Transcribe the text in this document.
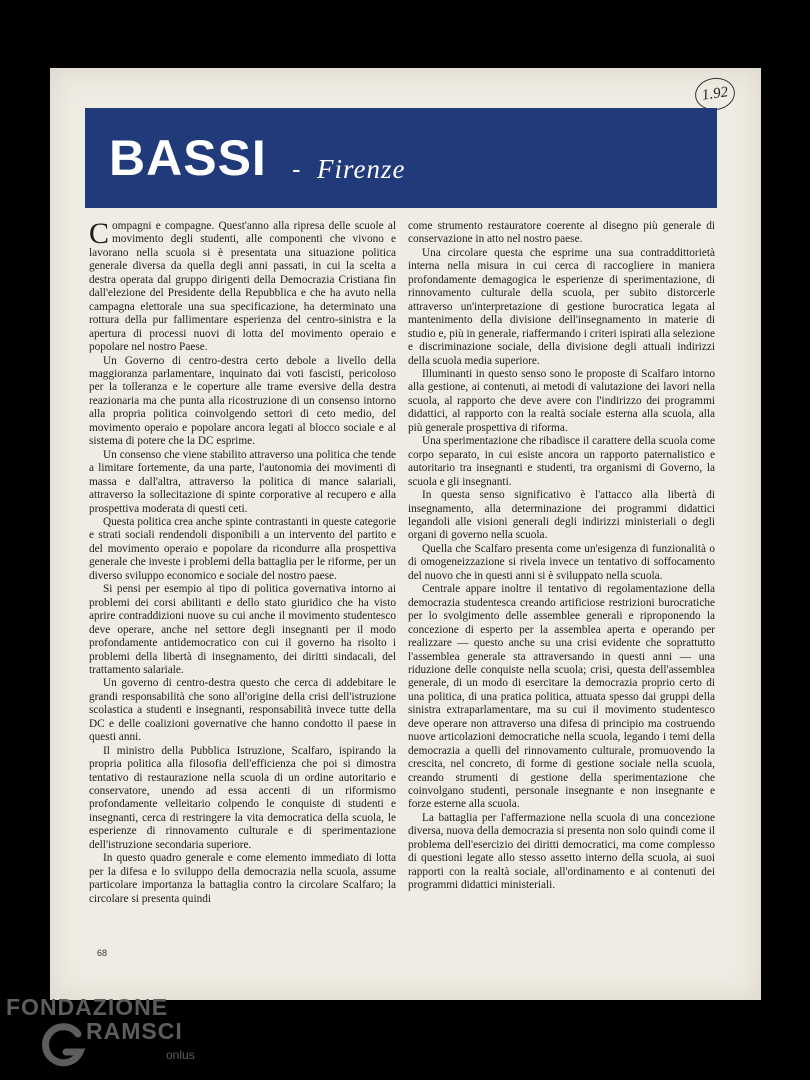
1.92
BASSI - Firenze

Compagni e compagne. Quest'anno alla ripresa delle scuole al movimento degli studenti, alle componenti che vivono e lavorano nella scuola si è presentata una situazione politica generale diversa da quella degli anni passati, in cui la scelta a destra operata dal gruppo dirigenti della Democrazia Cristiana fin dall'elezione del Presidente della Repubblica e che ha avuto nella campagna elettorale una sua specificazione, ha determinato una rottura della pur fallimentare esperienza del centro-sinistra e la apertura di processi nuovi di lotta del movimento operaio e popolare nel nostro Paese.

Un Governo di centro-destra certo debole a livello della maggioranza parlamentare, inquinato dai voti fascisti, pericoloso per la tolleranza e le coperture alle trame eversive della destra reazionaria ma che punta alla ricostruzione di un consenso intorno alla propria politica coinvolgendo settori di ceto medio, del movimento operaio e popolare ancora legati al blocco sociale e al sistema di potere che la DC esprime.

Un consenso che viene stabilito attraverso una politica che tende a limitare fortemente, da una parte, l'autonomia dei movimenti di massa e dall'altra, attraverso la politica di mance salariali, attraverso la sollecitazione di spinte corporative al recupero e alla prospettiva moderata di questi ceti.

Questa politica crea anche spinte contrastanti in queste categorie e strati sociali rendendoli disponibili a un intervento del partito e del movimento operaio e popolare da ricondurre alla prospettiva generale che investe i problemi della battaglia per le riforme, per un diverso sviluppo economico e sociale del nostro paese.

Si pensi per esempio al tipo di politica governativa intorno ai problemi dei corsi abilitanti e dello stato giuridico che ha visto aprire contraddizioni nuove su cui anche il movimento studentesco deve operare, anche nel settore degli insegnanti per il modo profondamente antidemocratico con cui il governo ha risolto i problemi della libertà di insegnamento, dei diritti sindacali, del trattamento salariale.

Un governo di centro-destra questo che cerca di addebitare le grandi responsabilità che sono all'origine della crisi dell'istruzione scolastica a studenti e insegnanti, responsabilità invece tutte della DC e delle coalizioni governative che hanno condotto il paese in questi anni.

Il ministro della Pubblica Istruzione, Scalfaro, ispirando la propria politica alla filosofia dell'efficienza che poi si dimostra tentativo di restaurazione nella scuola di un ordine autoritario e conservatore, unendo ad essa accenti di un riformismo profondamente velleitario colpendo le conquiste di studenti e insegnanti, cerca di restringere la vita democratica della scuola, le esperienze di rinnovamento culturale e di sperimentazione dell'istruzione secondaria superiore.

In questo quadro generale e come elemento immediato di lotta per la difesa e lo sviluppo della democrazia nella scuola, assume particolare importanza la battaglia contro la circolare Scalfaro; la circolare si presenta quindi

come strumento restauratore coerente al disegno più generale di conservazione in atto nel nostro paese.

Una circolare questa che esprime una sua contraddittorietà interna nella misura in cui cerca di raccogliere in maniera profondamente demagogica le esperienze di sperimentazione, di rinnovamento culturale della scuola, per subito distorcerle attraverso un'interpretazione di gestione burocratica legata al mantenimento della divisione dell'insegnamento in materie di studio e, più in generale, riaffermando i criteri ispirati alla selezione e discriminazione sociale, della divisione degli attuali indirizzi della scuola media superiore.

Illuminanti in questo senso sono le proposte di Scalfaro intorno alla gestione, ai contenuti, ai metodi di valutazione dei lavori nella scuola, al rapporto che deve avere con l'indirizzo dei programmi didattici, al rapporto con la realtà sociale esterna alla scuola, alla più generale prospettiva di riforma.

Una sperimentazione che ribadisce il carattere della scuola come corpo separato, in cui esiste ancora un rapporto paternalistico e autoritario tra insegnanti e studenti, tra organismi di Governo, la scuola e gli insegnanti.

In questa senso significativo è l'attacco alla libertà di insegnamento, alla determinazione dei programmi didattici legandoli alle visioni generali degli indirizzi ministeriali o degli organi di governo nella scuola.

Quella che Scalfaro presenta come un'esigenza di funzionalità o di omogeneizzazione si rivela invece un tentativo di soffocamento del nuovo che in questi anni si è sviluppato nella scuola.

Centrale appare inoltre il tentativo di regolamentazione della democrazia studentesca creando artificiose restrizioni burocratiche per lo svolgimento delle assemblee generali e riproponendo la concezione di esperto per la assemblea aperta e operando per realizzare — questo anche su una crisi evidente che soprattutto l'assemblea generale sta attraversando in questi anni — una riduzione delle conquiste nella scuola; crisi, questa dell'assemblea generale, di un modo di esercitare la democrazia proprio certo di una politica, di una pratica politica, attuata spesso dai gruppi della sinistra extraparlamentare, ma su cui il movimento studentesco deve operare non attraverso una difesa di principio ma costruendo nuove articolazioni democratiche nella scuola, legando i temi della democrazia a quelli del rinnovamento culturale, promuovendo la crescita, nel concreto, di forme di gestione sociale nella scuola, creando strumenti di gestione della sperimentazione che coinvolgano studenti, personale insegnante e non insegnante e forze esterne alla scuola.

La battaglia per l'affermazione nella scuola di una concezione diversa, nuova della democrazia si presenta non solo quindi come il problema dell'esercizio dei diritti democratici, ma come complesso di questioni legate allo stesso assetto interno della scuola, ai suoi rapporti con la realtà sociale, all'ordinamento e ai contenuti dei programmi didattici ministeriali.

68
FONDAZIONE
RAMSCI
onlus
